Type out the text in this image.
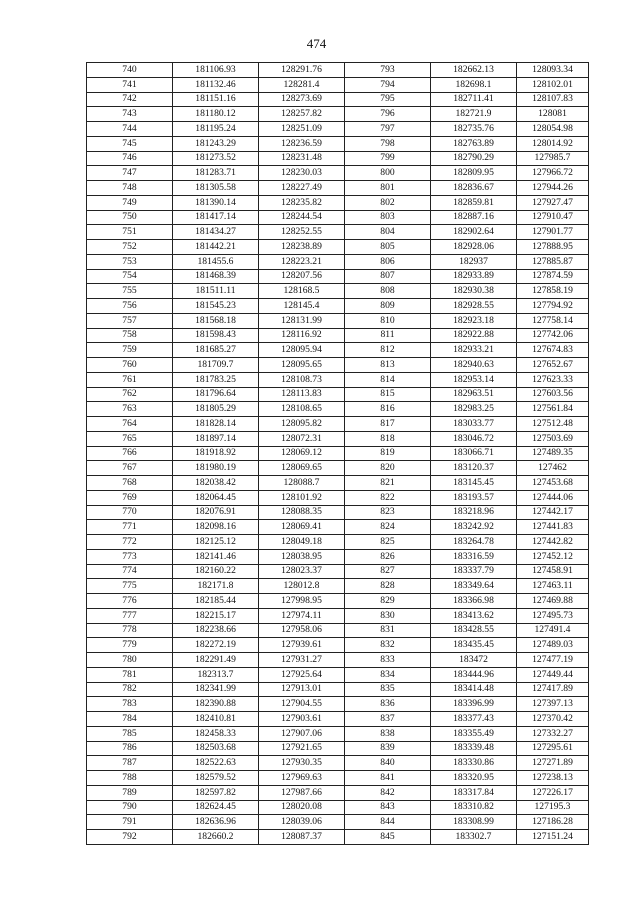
474
740	181106.93	128291.76	793	182662.13	128093.34
741	181132.46	128281.4	794	182698.1	128102.01
742	181151.16	128273.69	795	182711.41	128107.83
743	181180.12	128257.82	796	182721.9	128081
744	181195.24	128251.09	797	182735.76	128054.98
745	181243.29	128236.59	798	182763.89	128014.92
746	181273.52	128231.48	799	182790.29	127985.7
747	181283.71	128230.03	800	182809.95	127966.72
748	181305.58	128227.49	801	182836.67	127944.26
749	181390.14	128235.82	802	182859.81	127927.47
750	181417.14	128244.54	803	182887.16	127910.47
751	181434.27	128252.55	804	182902.64	127901.77
752	181442.21	128238.89	805	182928.06	127888.95
753	181455.6	128223.21	806	182937	127885.87
754	181468.39	128207.56	807	182933.89	127874.59
755	181511.11	128168.5	808	182930.38	127858.19
756	181545.23	128145.4	809	182928.55	127794.92
757	181568.18	128131.99	810	182923.18	127758.14
758	181598.43	128116.92	811	182922.88	127742.06
759	181685.27	128095.94	812	182933.21	127674.83
760	181709.7	128095.65	813	182940.63	127652.67
761	181783.25	128108.73	814	182953.14	127623.33
762	181796.64	128113.83	815	182963.51	127603.56
763	181805.29	128108.65	816	182983.25	127561.84
764	181828.14	128095.82	817	183033.77	127512.48
765	181897.14	128072.31	818	183046.72	127503.69
766	181918.92	128069.12	819	183066.71	127489.35
767	181980.19	128069.65	820	183120.37	127462
768	182038.42	128088.7	821	183145.45	127453.68
769	182064.45	128101.92	822	183193.57	127444.06
770	182076.91	128088.35	823	183218.96	127442.17
771	182098.16	128069.41	824	183242.92	127441.83
772	182125.12	128049.18	825	183264.78	127442.82
773	182141.46	128038.95	826	183316.59	127452.12
774	182160.22	128023.37	827	183337.79	127458.91
775	182171.8	128012.8	828	183349.64	127463.11
776	182185.44	127998.95	829	183366.98	127469.88
777	182215.17	127974.11	830	183413.62	127495.73
778	182238.66	127958.06	831	183428.55	127491.4
779	182272.19	127939.61	832	183435.45	127489.03
780	182291.49	127931.27	833	183472	127477.19
781	182313.7	127925.64	834	183444.96	127449.44
782	182341.99	127913.01	835	183414.48	127417.89
783	182390.88	127904.55	836	183396.99	127397.13
784	182410.81	127903.61	837	183377.43	127370.42
785	182458.33	127907.06	838	183355.49	127332.27
786	182503.68	127921.65	839	183339.48	127295.61
787	182522.63	127930.35	840	183330.86	127271.89
788	182579.52	127969.63	841	183320.95	127238.13
789	182597.82	127987.66	842	183317.84	127226.17
790	182624.45	128020.08	843	183310.82	127195.3
791	182636.96	128039.06	844	183308.99	127186.28
792	182660.2	128087.37	845	183302.7	127151.24
